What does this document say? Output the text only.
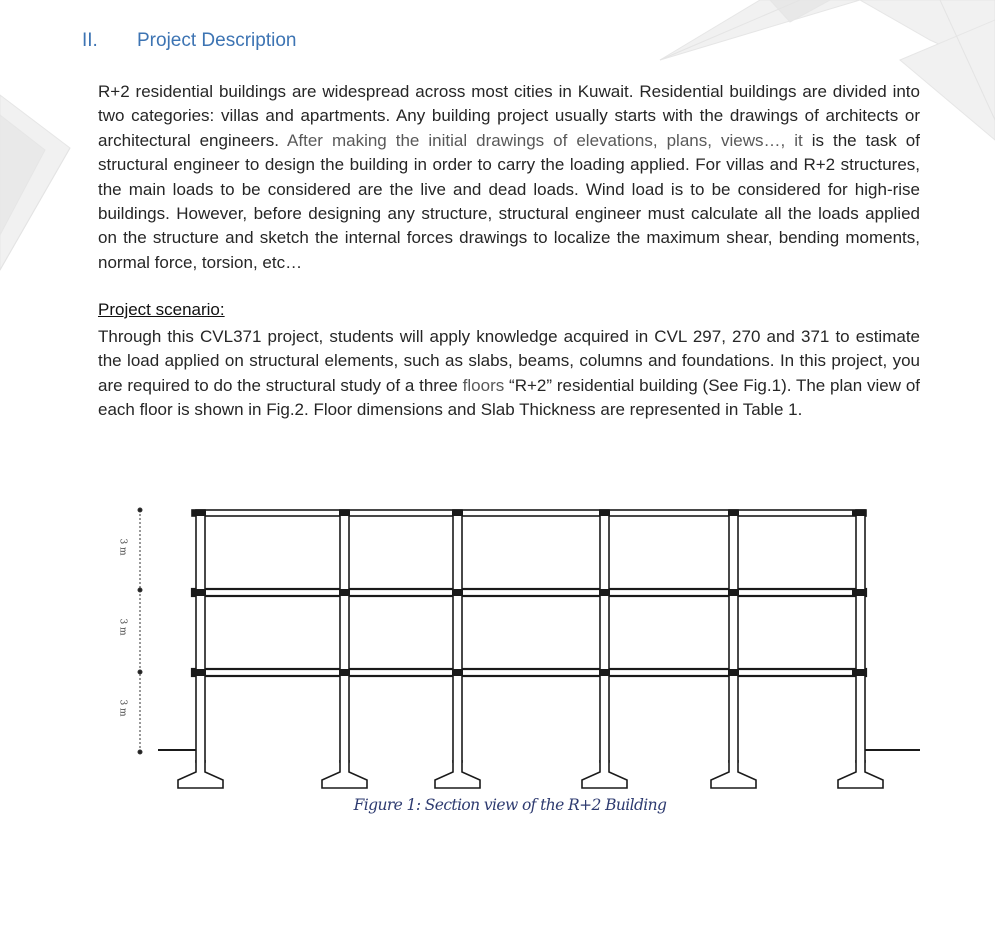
II. Project Description

R+2 residential buildings are widespread across most cities in Kuwait. Residential buildings are divided into two categories: villas and apartments. Any building project usually starts with the drawings of architects or architectural engineers. After making the initial drawings of elevations, plans, views…, it is the task of structural engineer to design the building in order to carry the loading applied. For villas and R+2 structures, the main loads to be considered are the live and dead loads. Wind load is to be considered for high-rise buildings. However, before designing any structure, structural engineer must calculate all the loads applied on the structure and sketch the internal forces drawings to localize the maximum shear, bending moments, normal force, torsion, etc…

Project scenario:

Through this CVL371 project, students will apply knowledge acquired in CVL 297, 270 and 371 to estimate the load applied on structural elements, such as slabs, beams, columns and foundations. In this project, you are required to do the structural study of a three floors “R+2” residential building (See Fig.1). The plan view of each floor is shown in Fig.2. Floor dimensions and Slab Thickness are represented in Table 1.

3 m
3 m
3 m
Figure 1: Section view of the R+2 Building
